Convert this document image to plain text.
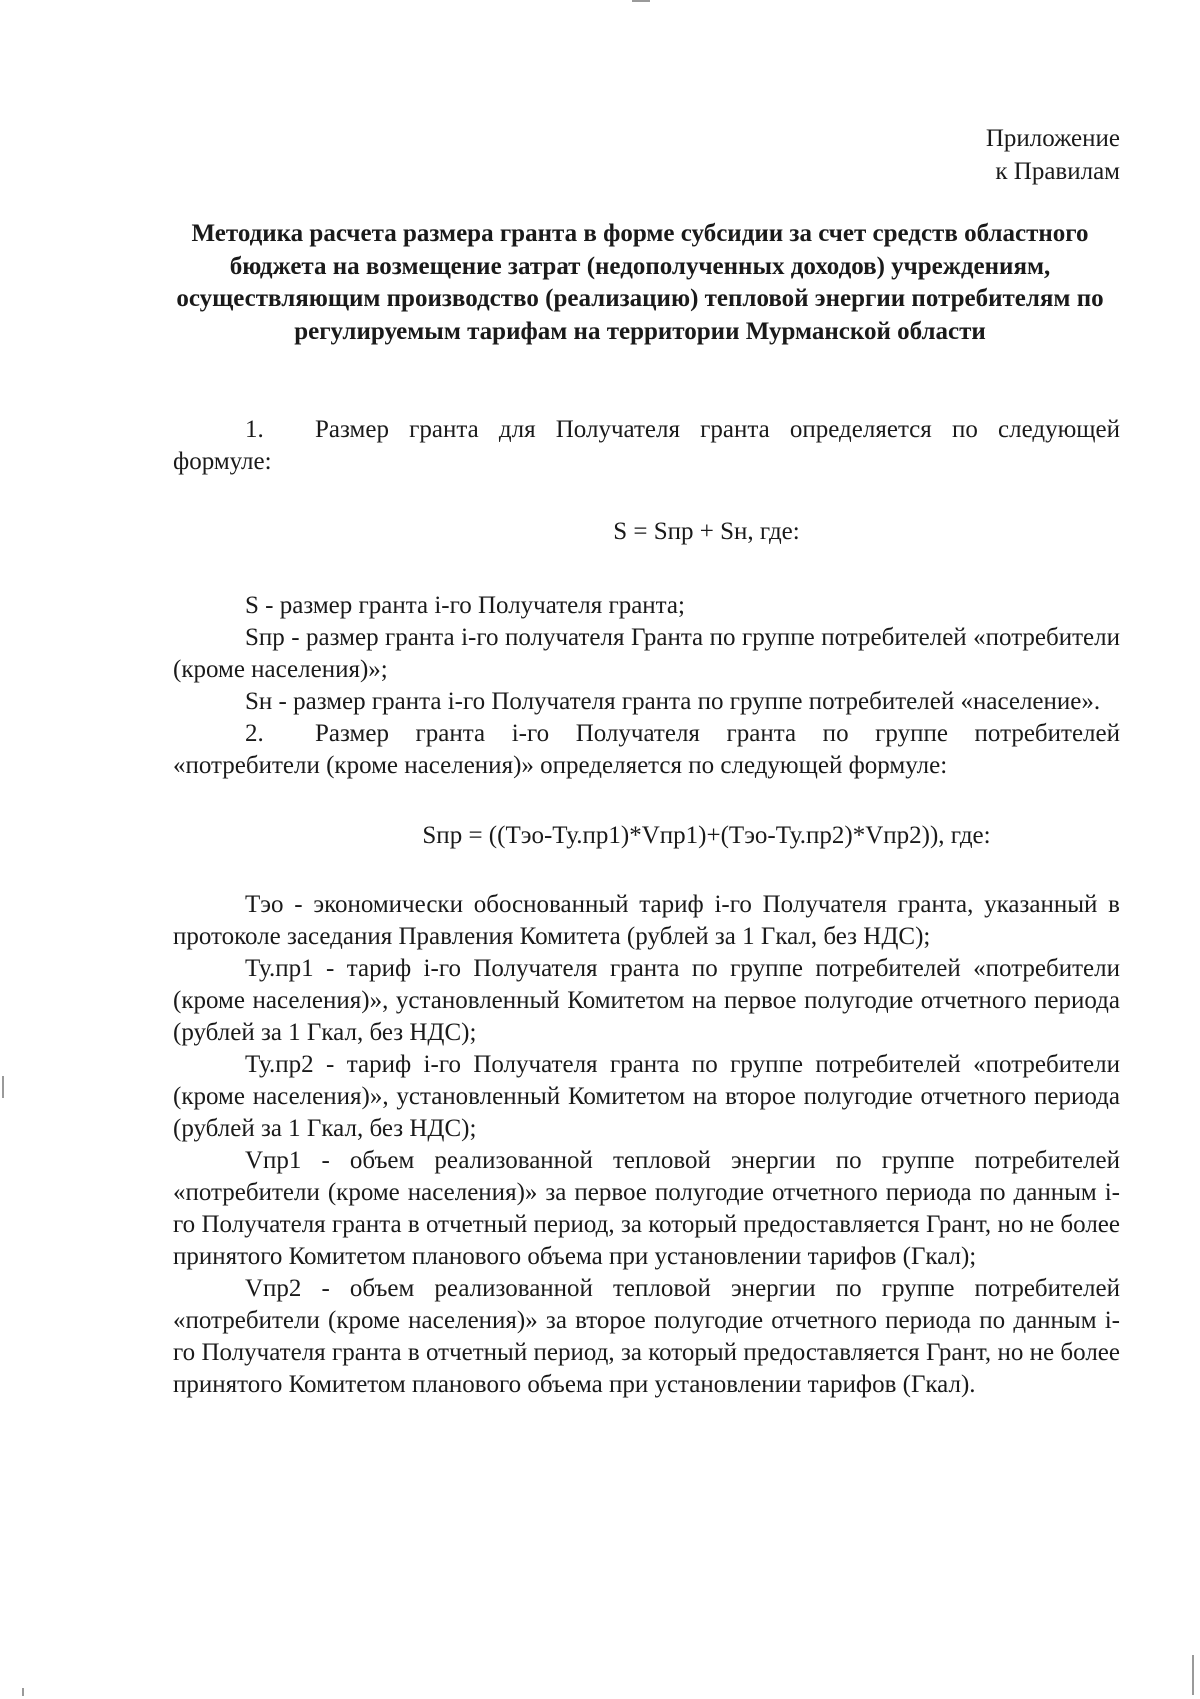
Приложение
к Правилам
Методика расчета размера гранта в форме субсидии за счет средств областного бюджета на возмещение затрат (недополученных доходов) учреждениям, осуществляющим производство (реализацию) тепловой энергии потребителям по регулируемым тарифам на территории Мурманской области

1. Размер гранта для Получателя гранта определяется по следующей формуле:

S = Sпр + Sн, где:

S - размер гранта i-го Получателя гранта;

Sпр - размер гранта i-го получателя Гранта по группе потребителей «потребители (кроме населения)»;

Sн - размер гранта i-го Получателя гранта по группе потребителей «население».

2. Размер гранта i-го Получателя гранта по группе потребителей «потребители (кроме населения)» определяется по следующей формуле:

Sпр = ((Тэо-Ту.пр1)*Vпр1)+(Тэо-Ту.пр2)*Vпр2)), где:

Тэо - экономически обоснованный тариф i-го Получателя гранта, указанный в протоколе заседания Правления Комитета (рублей за 1 Гкал, без НДС);

Ту.пр1 - тариф i-го Получателя гранта по группе потребителей «потребители (кроме населения)», установленный Комитетом на первое полугодие отчетного периода (рублей за 1 Гкал, без НДС);

Ту.пр2 - тариф i-го Получателя гранта по группе потребителей «потребители (кроме населения)», установленный Комитетом на второе полугодие отчетного периода (рублей за 1 Гкал, без НДС);

Vпр1 - объем реализованной тепловой энергии по группе потребителей «потребители (кроме населения)» за первое полугодие отчетного периода по данным i-го Получателя гранта в отчетный период, за который предоставляется Грант, но не более принятого Комитетом планового объема при установлении тарифов (Гкал);

Vпр2 - объем реализованной тепловой энергии по группе потребителей «потребители (кроме населения)» за второе полугодие отчетного периода по данным i-го Получателя гранта в отчетный период, за который предоставляется Грант, но не более принятого Комитетом планового объема при установлении тарифов (Гкал).
